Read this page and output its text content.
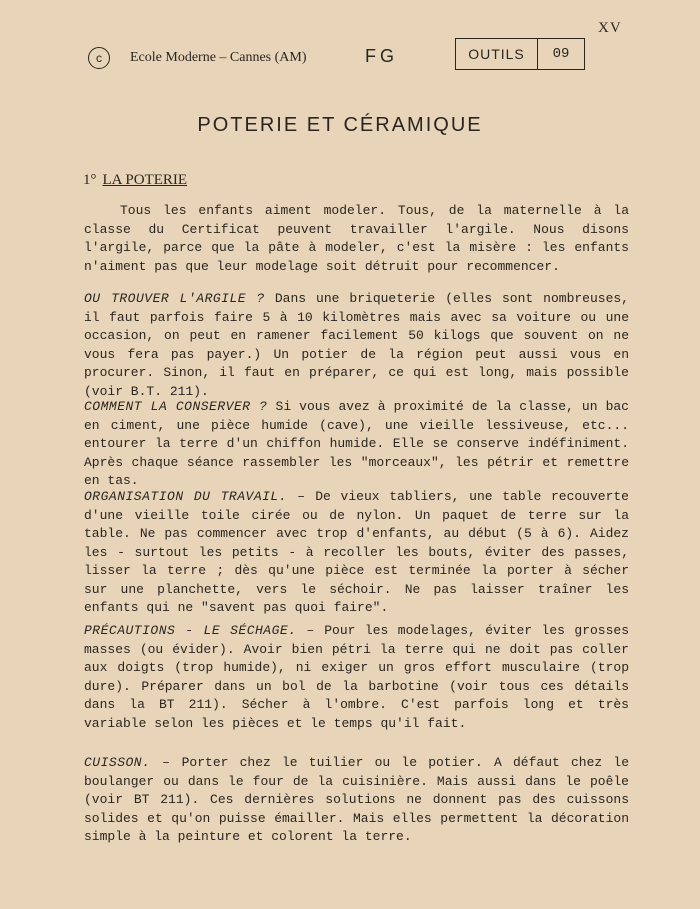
XV
c	Ecole Moderne – Cannes (AM)	FG	OUTILS	09
POTERIE ET CÉRAMIQUE
1° LA POTERIE

Tous les enfants aiment modeler. Tous, de la maternelle à la classe du Certificat peuvent travailler l'argile. Nous disons l'argile, parce que la pâte à modeler, c'est la misère : les enfants n'aiment pas que leur modelage soit détruit pour recommencer.

OU TROUVER L'ARGILE ? Dans une briqueterie (elles sont nombreuses, il faut parfois faire 5 à 10 kilomètres mais avec sa voiture ou une occasion, on peut en ramener facilement 50 kilogs que souvent on ne vous fera pas payer.) Un potier de la région peut aussi vous en procurer. Sinon, il faut en préparer, ce qui est long, mais possible (voir B.T. 211).

COMMENT LA CONSERVER ? Si vous avez à proximité de la classe, un bac en ciment, une pièce humide (cave), une vieille lessiveuse, etc... entourer la terre d'un chiffon humide. Elle se conserve indéfiniment. Après chaque séance rassembler les "morceaux", les pétrir et remettre en tas.

ORGANISATION DU TRAVAIL. – De vieux tabliers, une table recouverte d'une vieille toile cirée ou de nylon. Un paquet de terre sur la table. Ne pas commencer avec trop d'enfants, au début (5 à 6). Aidez les - surtout les petits - à recoller les bouts, éviter des passes, lisser la terre ; dès qu'une pièce est terminée la porter à sécher sur une planchette, vers le séchoir. Ne pas laisser traîner les enfants qui ne "savent pas quoi faire".

PRÉCAUTIONS - LE SÉCHAGE. – Pour les modelages, éviter les grosses masses (ou évider). Avoir bien pétri la terre qui ne doit pas coller aux doigts (trop humide), ni exiger un gros effort musculaire (trop dure). Préparer dans un bol de la barbotine (voir tous ces détails dans la BT 211). Sécher à l'ombre. C'est parfois long et très variable selon les pièces et le temps qu'il fait.

CUISSON. – Porter chez le tuilier ou le potier. A défaut chez le boulanger ou dans le four de la cuisinière. Mais aussi dans le poêle (voir BT 211). Ces dernières solutions ne donnent pas des cuissons solides et qu'on puisse émailler. Mais elles permettent la décoration simple à la peinture et colorent la terre.
